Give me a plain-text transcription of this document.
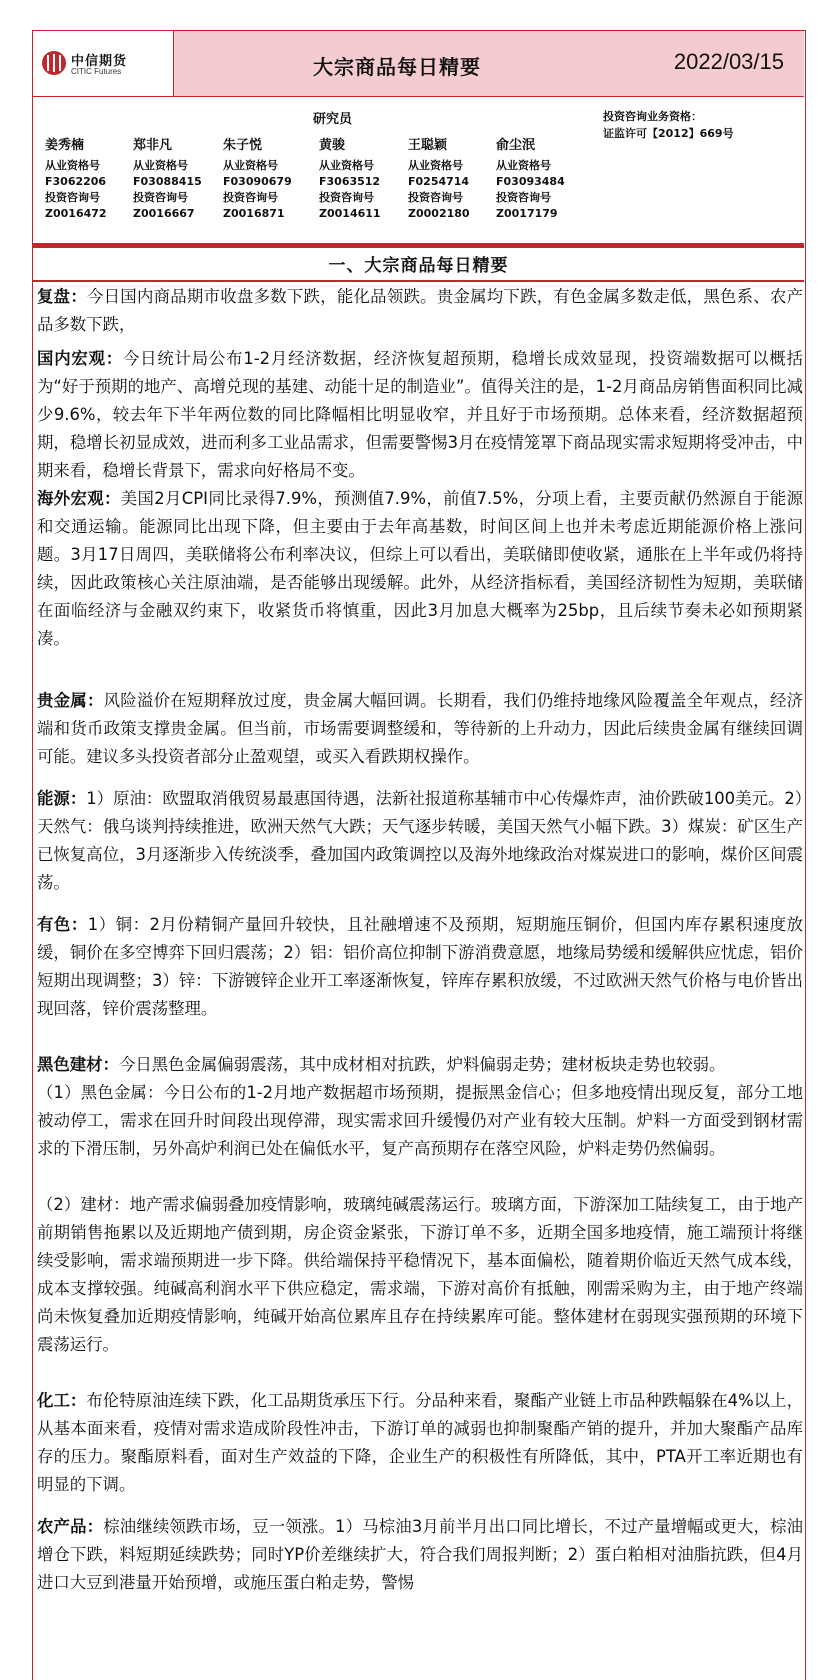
中信期货
CITIC Futures	大宗商品每日精要	2022/03/15
研究员	投资咨询业务资格：
证监许可【2012】669号
姜秀楠
从业资格号
F3062206
投资咨询号
Z0016472
郑非凡
从业资格号
F03088415
投资咨询号
Z0016667
朱子悦
从业资格号
F03090679
投资咨询号
Z0016871
黄骏
从业资格号
F3063512
投资咨询号
Z0014611
王聪颖
从业资格号
F0254714
投资咨询号
Z0002180
俞尘泯
从业资格号
F03093484
投资咨询号
Z0017179
一、大宗商品每日精要

复盘：今日国内商品期市收盘多数下跌，能化品领跌。贵金属均下跌，有色金属多数走低，黑色系、农产品多数下跌，

国内宏观：今日统计局公布1-2月经济数据，经济恢复超预期，稳增长成效显现，投资端数据可以概括为“好于预期的地产、高增兑现的基建、动能十足的制造业”。值得关注的是，1-2月商品房销售面积同比减少9.6%，较去年下半年两位数的同比降幅相比明显收窄，并且好于市场预期。总体来看，经济数据超预期，稳增长初显成效，进而利多工业品需求，但需要警惕3月在疫情笼罩下商品现实需求短期将受冲击，中期来看，稳增长背景下，需求向好格局不变。

海外宏观：美国2月CPI同比录得7.9%，预测值7.9%，前值7.5%，分项上看，主要贡献仍然源自于能源和交通运输。能源同比出现下降，但主要由于去年高基数，时间区间上也并未考虑近期能源价格上涨问题。3月17日周四，美联储将公布利率决议，但综上可以看出，美联储即使收紧，通胀在上半年或仍将持续，因此政策核心关注原油端，是否能够出现缓解。此外，从经济指标看，美国经济韧性为短期，美联储在面临经济与金融双约束下，收紧货币将慎重，因此3月加息大概率为25bp，且后续节奏未必如预期紧凑。

贵金属：风险溢价在短期释放过度，贵金属大幅回调。长期看，我们仍维持地缘风险覆盖全年观点，经济端和货币政策支撑贵金属。但当前，市场需要调整缓和，等待新的上升动力，因此后续贵金属有继续回调可能。建议多头投资者部分止盈观望，或买入看跌期权操作。

能源：1）原油：欧盟取消俄贸易最惠国待遇，法新社报道称基辅市中心传爆炸声，油价跌破100美元。2）天然气：俄乌谈判持续推进，欧洲天然气大跌；天气逐步转暖，美国天然气小幅下跌。3）煤炭：矿区生产已恢复高位，3月逐渐步入传统淡季，叠加国内政策调控以及海外地缘政治对煤炭进口的影响，煤价区间震荡。

有色：1）铜：2月份精铜产量回升较快，且社融增速不及预期，短期施压铜价，但国内库存累积速度放缓，铜价在多空博弈下回归震荡；2）铝：铝价高位抑制下游消费意愿，地缘局势缓和缓解供应忧虑，铝价短期出现调整；3）锌：下游镀锌企业开工率逐渐恢复，锌库存累积放缓，不过欧洲天然气价格与电价皆出现回落，锌价震荡整理。

黑色建材：今日黑色金属偏弱震荡，其中成材相对抗跌，炉料偏弱走势；建材板块走势也较弱。

（1）黑色金属：今日公布的1-2月地产数据超市场预期，提振黑金信心；但多地疫情出现反复，部分工地被动停工，需求在回升时间段出现停滞，现实需求回升缓慢仍对产业有较大压制。炉料一方面受到钢材需求的下滑压制，另外高炉利润已处在偏低水平，复产高预期存在落空风险，炉料走势仍然偏弱。

（2）建材：地产需求偏弱叠加疫情影响，玻璃纯碱震荡运行。玻璃方面，下游深加工陆续复工，由于地产前期销售拖累以及近期地产债到期，房企资金紧张，下游订单不多，近期全国多地疫情，施工端预计将继续受影响，需求端预期进一步下降。供给端保持平稳情况下，基本面偏松，随着期价临近天然气成本线，成本支撑较强。纯碱高利润水平下供应稳定，需求端，下游对高价有抵触，刚需采购为主，由于地产终端尚未恢复叠加近期疫情影响，纯碱开始高位累库且存在持续累库可能。整体建材在弱现实强预期的环境下震荡运行。

化工：布伦特原油连续下跌，化工品期货承压下行。分品种来看，聚酯产业链上市品种跌幅躲在4%以上，从基本面来看，疫情对需求造成阶段性冲击，下游订单的减弱也抑制聚酯产销的提升，并加大聚酯产品库存的压力。聚酯原料看，面对生产效益的下降，企业生产的积极性有所降低，其中，PTA开工率近期也有明显的下调。

农产品：棕油继续领跌市场，豆一领涨。1）马棕油3月前半月出口同比增长，不过产量增幅或更大，棕油增仓下跌，料短期延续跌势；同时YP价差继续扩大，符合我们周报判断；2）蛋白粕相对油脂抗跌，但4月进口大豆到港量开始预增，或施压蛋白粕走势，警惕
